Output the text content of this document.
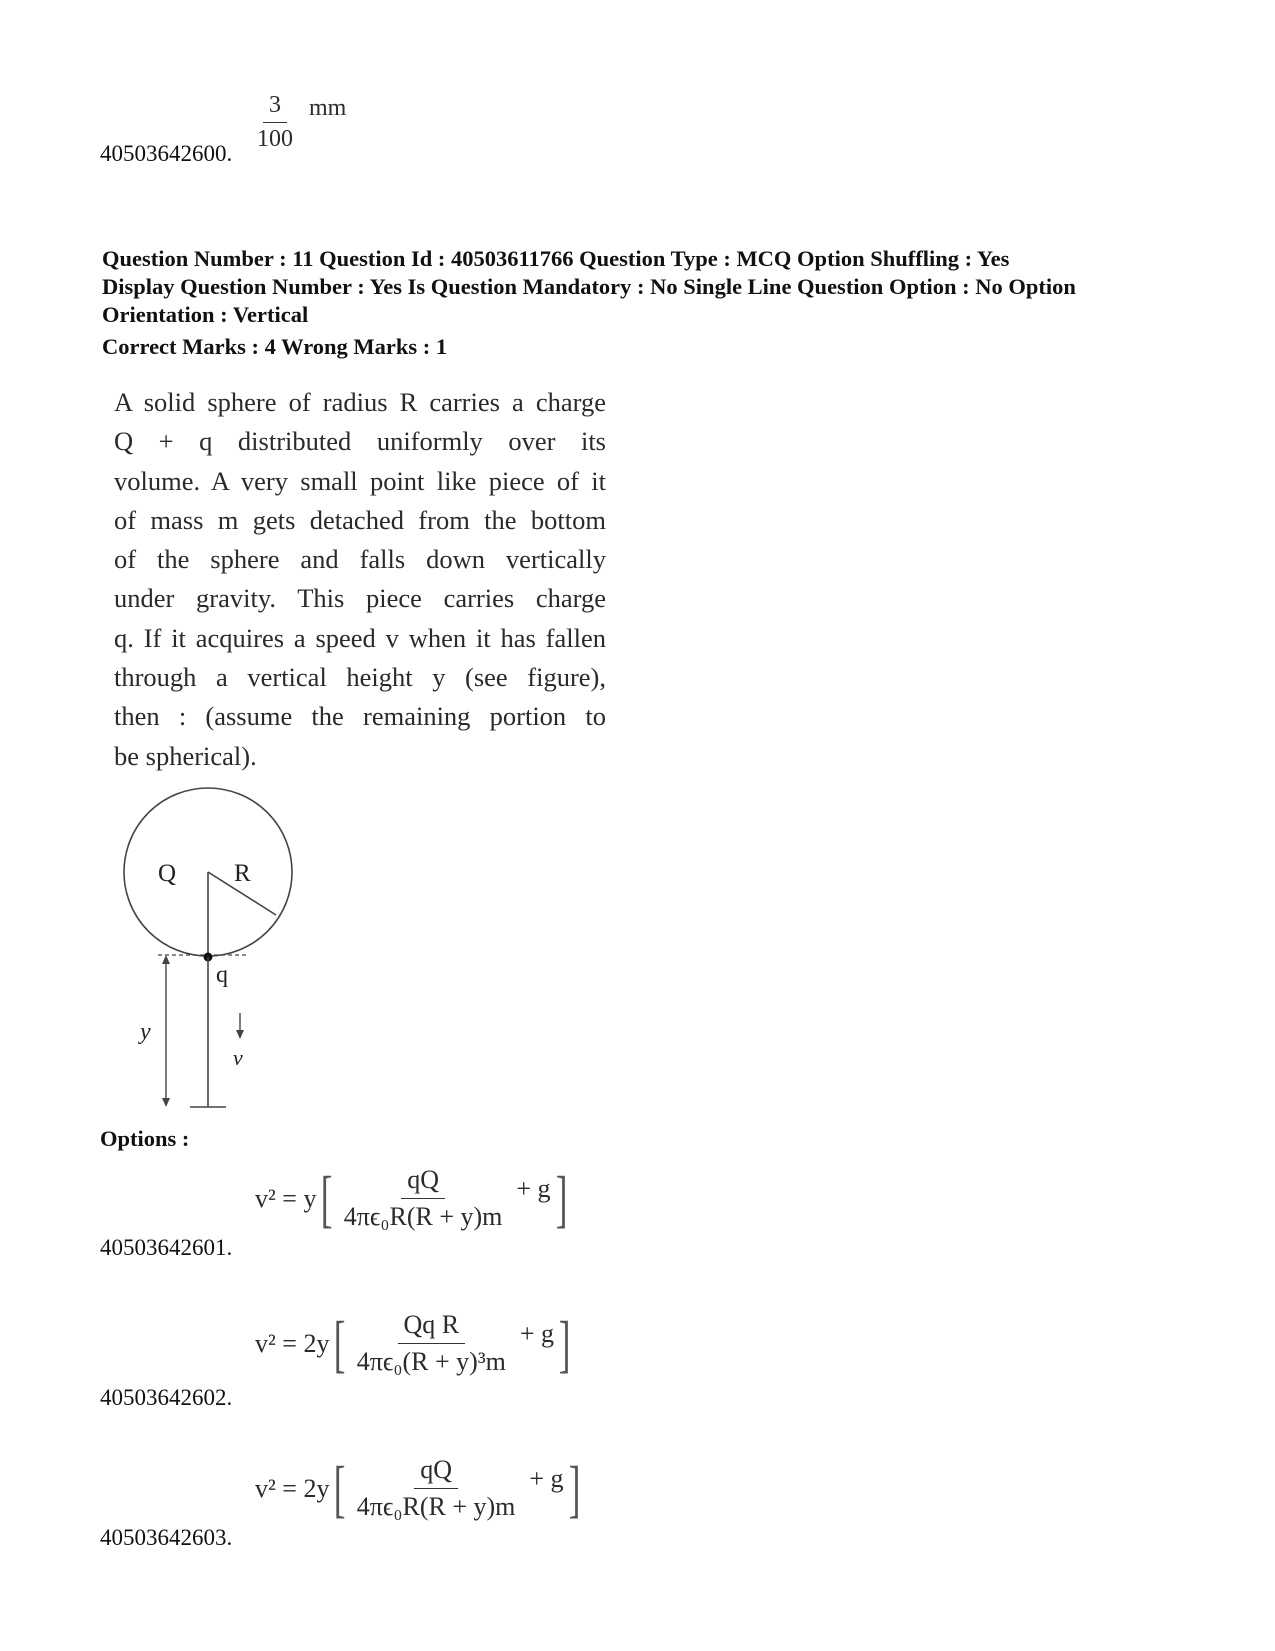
40503642600.
$\frac{3}{100}$ mm
Question Number : 11 Question Id : 40503611766 Question Type : MCQ Option Shuffling : Yes
Display Question Number : Yes Is Question Mandatory : No Single Line Question Option : No Option
Orientation : Vertical
Correct Marks : 4 Wrong Marks : 1

A solid sphere of radius R carries a charge

Q + q distributed uniformly over its

volume. A very small point like piece of it

of mass m gets detached from the bottom

of the sphere and falls down vertically

under gravity. This piece carries charge

q. If it acquires a speed v when it has fallen

through a vertical height y (see figure),

then : (assume the remaining portion to

be spherical).

Q R
q
y
v
Options :
v² = y [ $\frac{qQ}{\text{4πϵ₀R(R + y)m}} + g$ ]
40503642601.
v² = 2y [ $\frac{\text{Qq R}}{\text{4πϵ₀(R + y)³m}} + g$ ]
40503642602.
v² = 2y [ $\frac{qQ}{\text{4πϵ₀R(R + y)m}} + g$ ]
40503642603.
